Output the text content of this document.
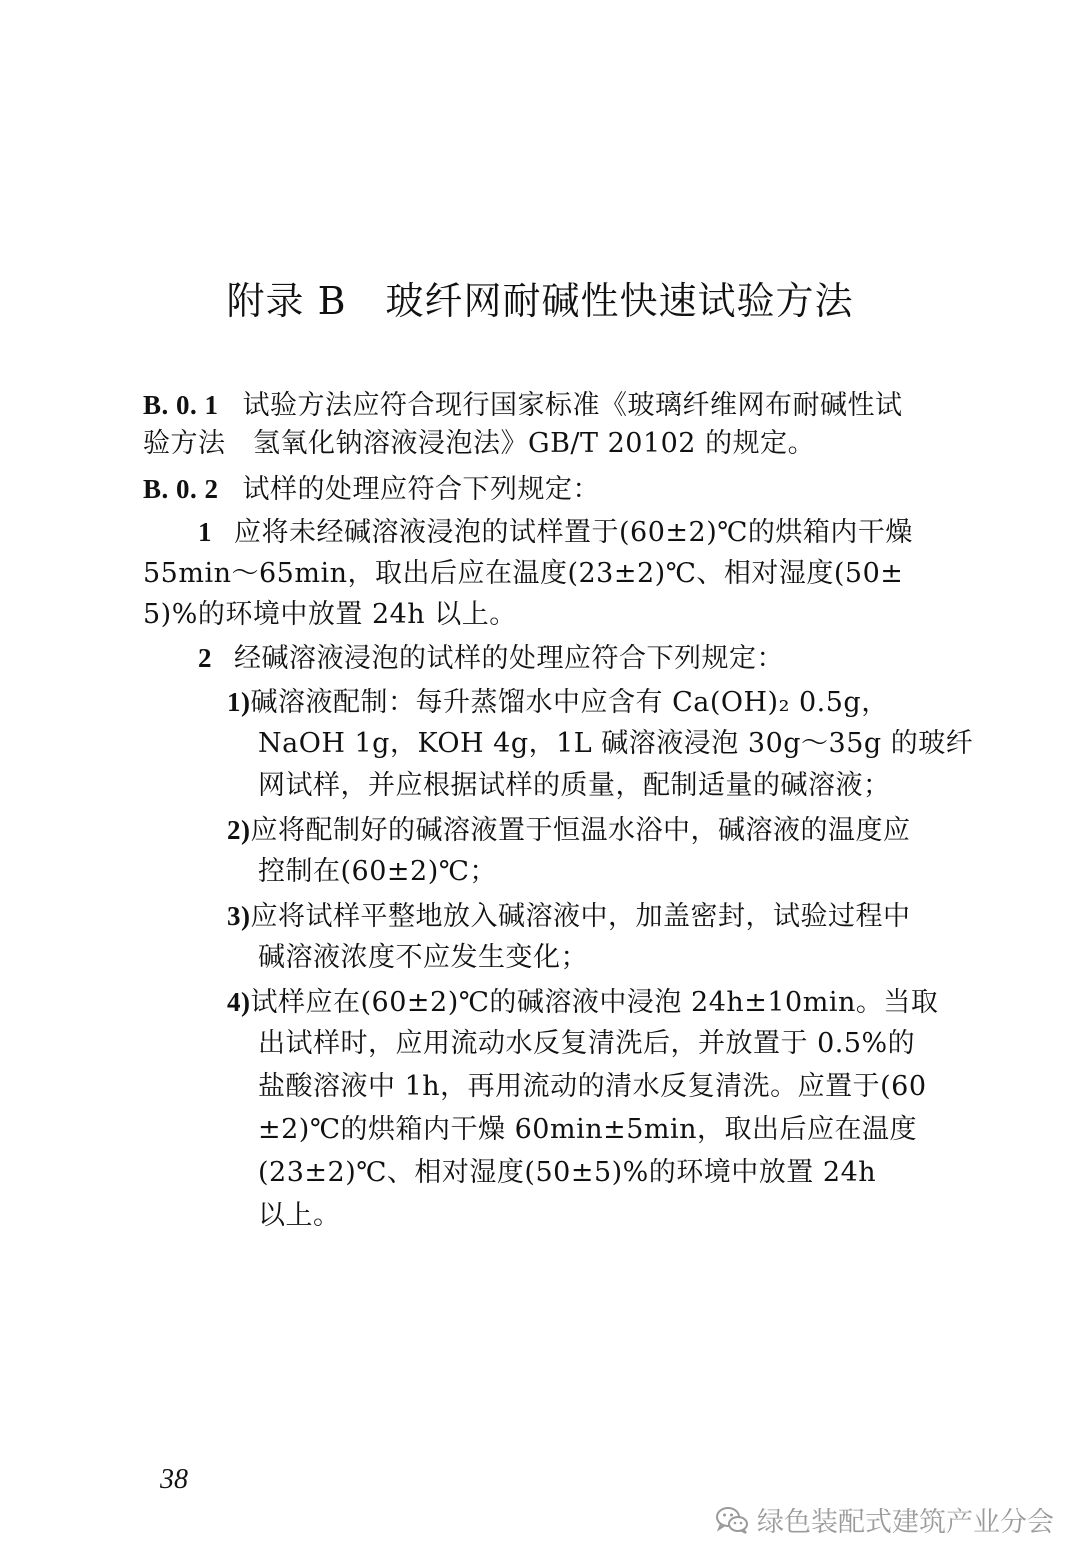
附录 B　玻纤网耐碱性快速试验方法
B. 0. 1 试验方法应符合现行国家标准《玻璃纤维网布耐碱性试
验方法　氢氧化钠溶液浸泡法》GB/T 20102 的规定。
B. 0. 2 试样的处理应符合下列规定：
1 应将未经碱溶液浸泡的试样置于(60±2)℃的烘箱内干燥
55min～65min，取出后应在温度(23±2)℃、相对湿度(50±
5)%的环境中放置 24h 以上。
2 经碱溶液浸泡的试样的处理应符合下列规定：
1)碱溶液配制：每升蒸馏水中应含有 Ca(OH)₂ 0.5g，
NaOH 1g，KOH 4g，1L 碱溶液浸泡 30g～35g 的玻纤
网试样，并应根据试样的质量，配制适量的碱溶液；
2)应将配制好的碱溶液置于恒温水浴中，碱溶液的温度应
控制在(60±2)℃；
3)应将试样平整地放入碱溶液中，加盖密封，试验过程中
碱溶液浓度不应发生变化；
4)试样应在(60±2)℃的碱溶液中浸泡 24h±10min。当取
出试样时，应用流动水反复清洗后，并放置于 0.5%的
盐酸溶液中 1h，再用流动的清水反复清洗。应置于(60
±2)℃的烘箱内干燥 60min±5min，取出后应在温度
(23±2)℃、相对湿度(50±5)%的环境中放置 24h
以上。
38
绿色装配式建筑产业分会
